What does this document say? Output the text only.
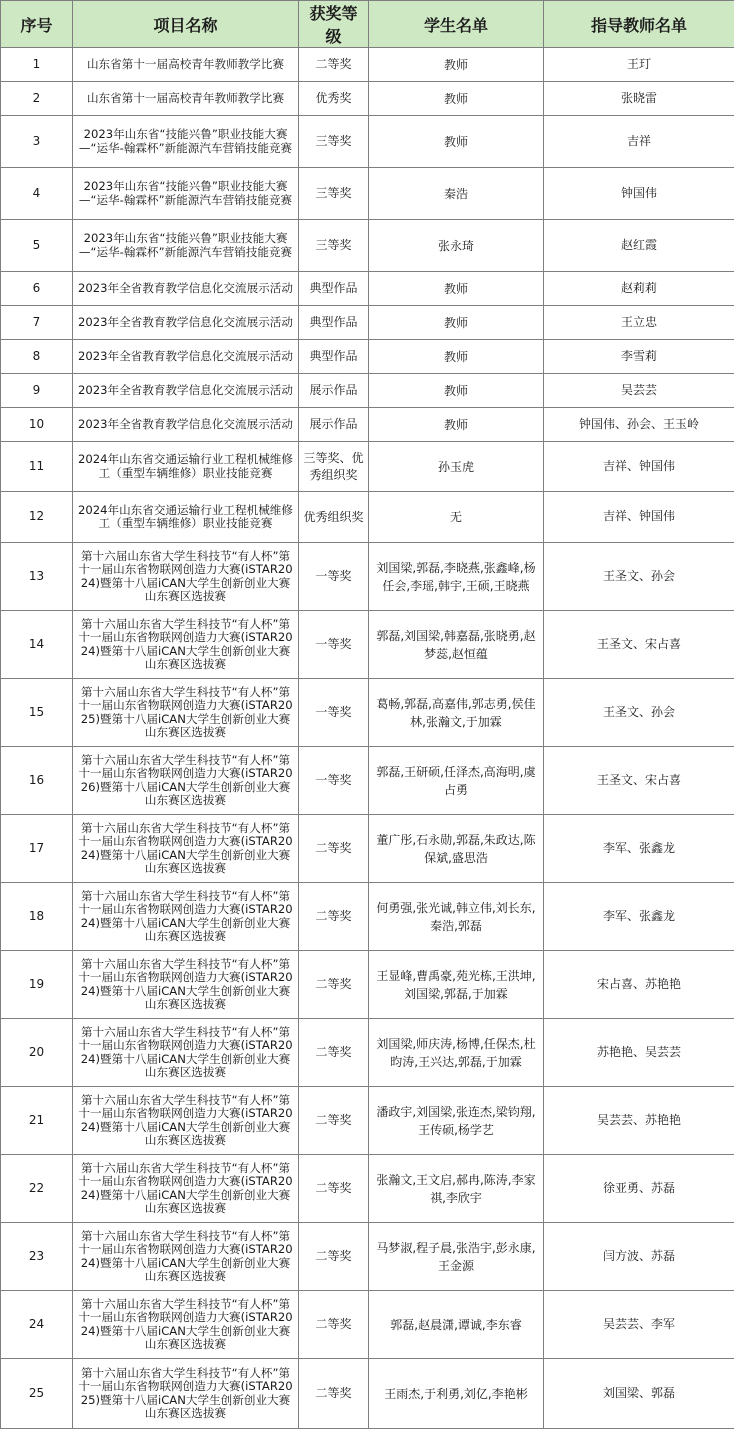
序号	项目名称	获奖等级	学生名单	指导教师名单
1	山东省第十一届高校青年教师教学比赛	二等奖	教师	王玎
2	山东省第十一届高校青年教师教学比赛	优秀奖	教师	张晓雷
3	2023年山东省“技能兴鲁”职业技能大赛—“运华-翰霖杯”新能源汽车营销技能竞赛	三等奖	教师	吉祥
4	2023年山东省“技能兴鲁”职业技能大赛—“运华-翰霖杯”新能源汽车营销技能竞赛	三等奖	秦浩	钟国伟
5	2023年山东省“技能兴鲁”职业技能大赛—“运华-翰霖杯”新能源汽车营销技能竞赛	三等奖	张永琦	赵红霞
6	2023年全省教育教学信息化交流展示活动	典型作品	教师	赵莉莉
7	2023年全省教育教学信息化交流展示活动	典型作品	教师	王立忠
8	2023年全省教育教学信息化交流展示活动	典型作品	教师	李雪莉
9	2023年全省教育教学信息化交流展示活动	展示作品	教师	吴芸芸
10	2023年全省教育教学信息化交流展示活动	展示作品	教师	钟国伟、孙会、王玉岭
11	2024年山东省交通运输行业工程机械维修工（重型车辆维修）职业技能竞赛	三等奖、优秀组织奖	孙玉虎	吉祥、钟国伟
12	2024年山东省交通运输行业工程机械维修工（重型车辆维修）职业技能竞赛	优秀组织奖	无	吉祥、钟国伟
13	第十六届山东省大学生科技节“有人杯”第十一届山东省物联网创造力大赛(iSTAR2024)暨第十八届iCAN大学生创新创业大赛山东赛区选拔赛	一等奖	刘国梁,郭磊,李晓燕,张鑫峰,杨任会,李瑶,韩宇,王硕,王晓燕	王圣文、孙会
14	第十六届山东省大学生科技节“有人杯”第十一届山东省物联网创造力大赛(iSTAR2024)暨第十八届iCAN大学生创新创业大赛山东赛区选拔赛	一等奖	郭磊,刘国梁,韩嘉磊,张晓勇,赵梦蕊,赵恒蕴	王圣文、宋占喜
15	第十六届山东省大学生科技节“有人杯”第十一届山东省物联网创造力大赛(iSTAR2025)暨第十八届iCAN大学生创新创业大赛山东赛区选拔赛	一等奖	葛畅,郭磊,高嘉伟,郭志勇,侯佳林,张瀚文,于加霖	王圣文、孙会
16	第十六届山东省大学生科技节“有人杯”第十一届山东省物联网创造力大赛(iSTAR2026)暨第十八届iCAN大学生创新创业大赛山东赛区选拔赛	一等奖	郭磊,王研硕,任泽杰,高海明,虞占勇	王圣文、宋占喜
17	第十六届山东省大学生科技节“有人杯”第十一届山东省物联网创造力大赛(iSTAR2024)暨第十八届iCAN大学生创新创业大赛山东赛区选拔赛	二等奖	董广彤,石永勋,郭磊,朱政达,陈保斌,盛思浩	李军、张鑫龙
18	第十六届山东省大学生科技节“有人杯”第十一届山东省物联网创造力大赛(iSTAR2024)暨第十八届iCAN大学生创新创业大赛山东赛区选拔赛	二等奖	何勇强,张光诚,韩立伟,刘长东,秦浩,郭磊	李军、张鑫龙
19	第十六届山东省大学生科技节“有人杯”第十一届山东省物联网创造力大赛(iSTAR2024)暨第十八届iCAN大学生创新创业大赛山东赛区选拔赛	二等奖	王显峰,曹禹豪,苑光栋,王洪坤,刘国梁,郭磊,于加霖	宋占喜、苏艳艳
20	第十六届山东省大学生科技节“有人杯”第十一届山东省物联网创造力大赛(iSTAR2024)暨第十八届iCAN大学生创新创业大赛山东赛区选拔赛	二等奖	刘国梁,师庆涛,杨博,任保杰,杜昀涛,王兴达,郭磊,于加霖	苏艳艳、吴芸芸
21	第十六届山东省大学生科技节“有人杯”第十一届山东省物联网创造力大赛(iSTAR2024)暨第十八届iCAN大学生创新创业大赛山东赛区选拔赛	二等奖	潘政宇,刘国梁,张连杰,梁钧翔,王传硕,杨学艺	吴芸芸、苏艳艳
22	第十六届山东省大学生科技节“有人杯”第十一届山东省物联网创造力大赛(iSTAR2024)暨第十八届iCAN大学生创新创业大赛山东赛区选拔赛	二等奖	张瀚文,王文启,郝冉,陈涛,李家祺,李欣宇	徐亚勇、苏磊
23	第十六届山东省大学生科技节“有人杯”第十一届山东省物联网创造力大赛(iSTAR2024)暨第十八届iCAN大学生创新创业大赛山东赛区选拔赛	二等奖	马梦淑,程子晨,张浩宇,彭永康,王金源	闫方波、苏磊
24	第十六届山东省大学生科技节“有人杯”第十一届山东省物联网创造力大赛(iSTAR2024)暨第十八届iCAN大学生创新创业大赛山东赛区选拔赛	二等奖	郭磊,赵晨潇,谭诚,李东睿	吴芸芸、李军
25	第十六届山东省大学生科技节“有人杯”第十一届山东省物联网创造力大赛(iSTAR2025)暨第十八届iCAN大学生创新创业大赛山东赛区选拔赛	二等奖	王雨杰,于利勇,刘亿,李艳彬	刘国梁、郭磊
